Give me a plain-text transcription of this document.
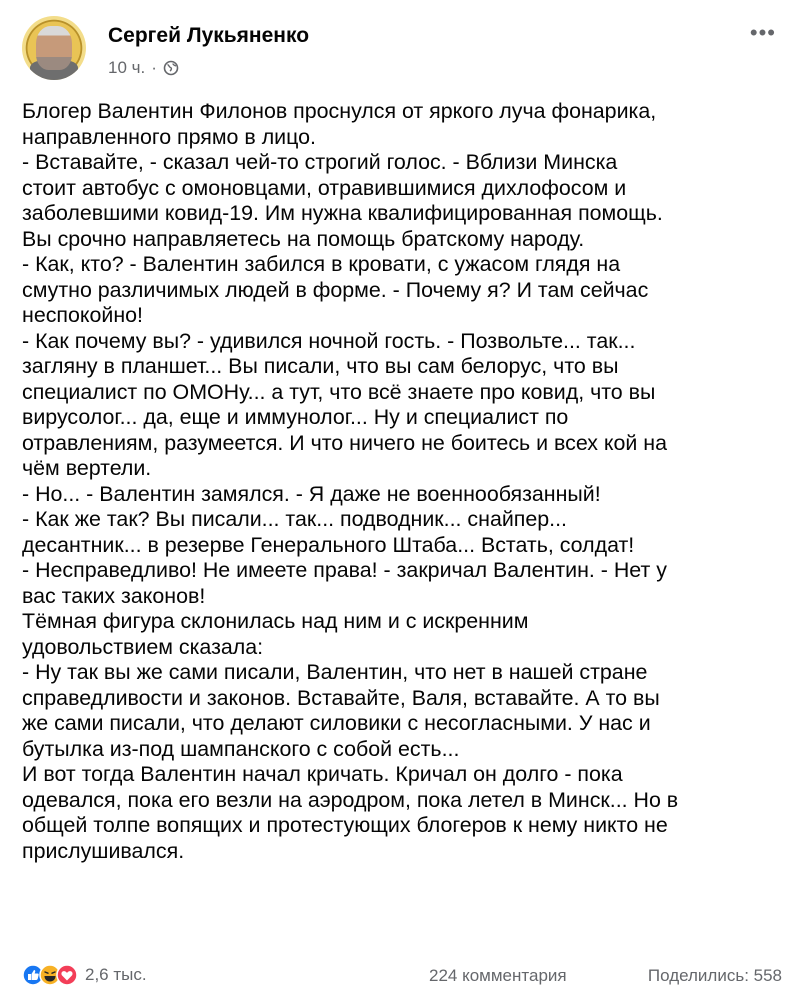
Сергей Лукьяненко
10 ч. ·
•••

Блогер Валентин Филонов проснулся от яркого луча фонарика,

направленного прямо в лицо.

- Вставайте, - сказал чей-то строгий голос. - Вблизи Минска

стоит автобус с омоновцами, отравившимися дихлофосом и

заболевшими ковид-19. Им нужна квалифицированная помощь.

Вы срочно направляетесь на помощь братскому народу.

- Как, кто? - Валентин забился в кровати, с ужасом глядя на

смутно различимых людей в форме. - Почему я? И там сейчас

неспокойно!

- Как почему вы? - удивился ночной гость. - Позвольте... так...

загляну в планшет... Вы писали, что вы сам белорус, что вы

специалист по ОМОНу... а тут, что всё знаете про ковид, что вы

вирусолог... да, еще и иммунолог... Ну и специалист по

отравлениям, разумеется. И что ничего не боитесь и всех кой на

чём вертели.

- Но... - Валентин замялся. - Я даже не военнообязанный!

- Как же так? Вы писали... так... подводник... снайпер...

десантник... в резерве Генерального Штаба... Встать, солдат!

- Несправедливо! Не имеете права! - закричал Валентин. - Нет у

вас таких законов!

Тёмная фигура склонилась над ним и с искренним

удовольствием сказала:

- Ну так вы же сами писали, Валентин, что нет в нашей стране

справедливости и законов. Вставайте, Валя, вставайте. А то вы

же сами писали, что делают силовики с несогласными. У нас и

бутылка из-под шампанского с собой есть...

И вот тогда Валентин начал кричать. Кричал он долго - пока

одевался, пока его везли на аэродром, пока летел в Минск... Но в

общей толпе вопящих и протестующих блогеров к нему никто не

прислушивался.

2,6 тыс.	224 комментария	Поделились: 558
